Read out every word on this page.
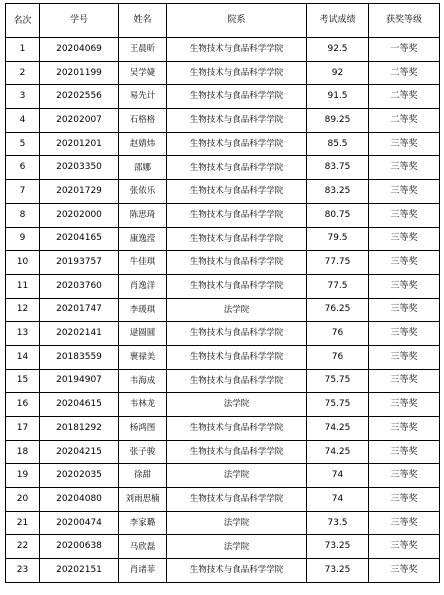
名次	学号	姓名	院系	考试成绩	获奖等级
1	20204069	王晨昕	生物技术与食品科学学院	92.5	一等奖
2	20201199	吴学婕	生物技术与食品科学学院	92	二等奖
3	20202556	易先计	生物技术与食品科学学院	91.5	二等奖
4	20202007	石格格	生物技术与食品科学学院	89.25	二等奖
5	20201201	赵婧炜	生物技术与食品科学学院	85.5	三等奖
6	20203350	邵娜	生物技术与食品科学学院	83.75	三等奖
7	20201729	张依乐	生物技术与食品科学学院	83.25	三等奖
8	20202000	陈思琦	生物技术与食品科学学院	80.75	三等奖
9	20204165	康逸滢	生物技术与食品科学学院	79.5	三等奖
10	20193757	牛佳琪	生物技术与食品科学学院	77.75	三等奖
11	20203760	肖逸洋	生物技术与食品科学学院	77.5	三等奖
12	20201747	李瑗琪	法学院	76.25	三等奖
13	20202141	逯圆圆	生物技术与食品科学学院	76	三等奖
14	20183559	裹禄美	生物技术与食品科学学院	76	三等奖
15	20194907	韦海成	生物技术与食品科学学院	75.75	三等奖
16	20204615	韦林龙	法学院	75.75	三等奖
17	20181292	杨鸿图	生物技术与食品科学学院	74.25	三等奖
18	20204215	张子骏	生物技术与食品科学学院	74.25	三等奖
19	20202035	徐甜	法学院	74	三等奖
20	20204080	刘雨思楠	生物技术与食品科学学院	74	三等奖
21	20200474	李家璐	法学院	73.5	三等奖
22	20200638	马欣磊	法学院	73.25	三等奖
23	20202151	肖诸菲	生物技术与食品科学学院	73.25	三等奖
